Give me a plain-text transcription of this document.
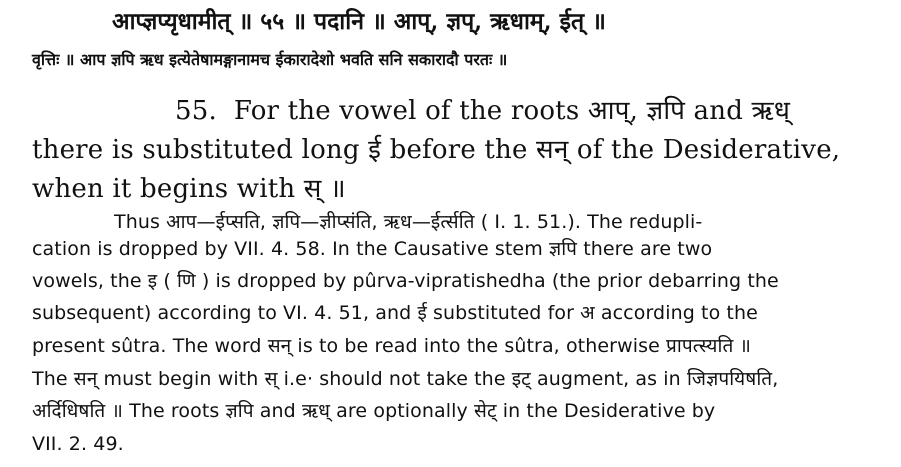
आप्ज्ञप्यृधामीत् ॥ ५५ ॥ पदानि ॥ आप्, ज्ञप्, ऋधाम्, ईत् ॥
वृत्तिः ॥ आप ज्ञपि ऋध इत्येतेषामङ्गानामच ईकारादेशो भवति सनि सकारादौ परतः ॥
55. For the vowel of the roots आप्, ज्ञपि and ऋध्
there is substituted long ई before the सन् of the Desiderative,
when it begins with स् ॥
Thus आप—ईप्सति, ज्ञपि—ज्ञीप्संति, ऋध—ईर्त्सति ( I. 1. 51.). The redupli-
cation is dropped by VII. 4. 58. In the Causative stem ज्ञपि there are two
vowels, the इ ( णि ) is dropped by pûrva-vipratishedha (the prior debarring the
subsequent) according to VI. 4. 51, and ई substituted for अ according to the
present sûtra. The word सन् is to be read into the sûtra, otherwise प्रापत्स्यति ॥
The सन् must begin with स् i.e· should not take the इट् augment, as in जिज्ञपयिषति,
अर्दिधिषति ॥ The roots ज्ञपि and ऋध् are optionally सेट् in the Desiderative by
VII. 2. 49.
